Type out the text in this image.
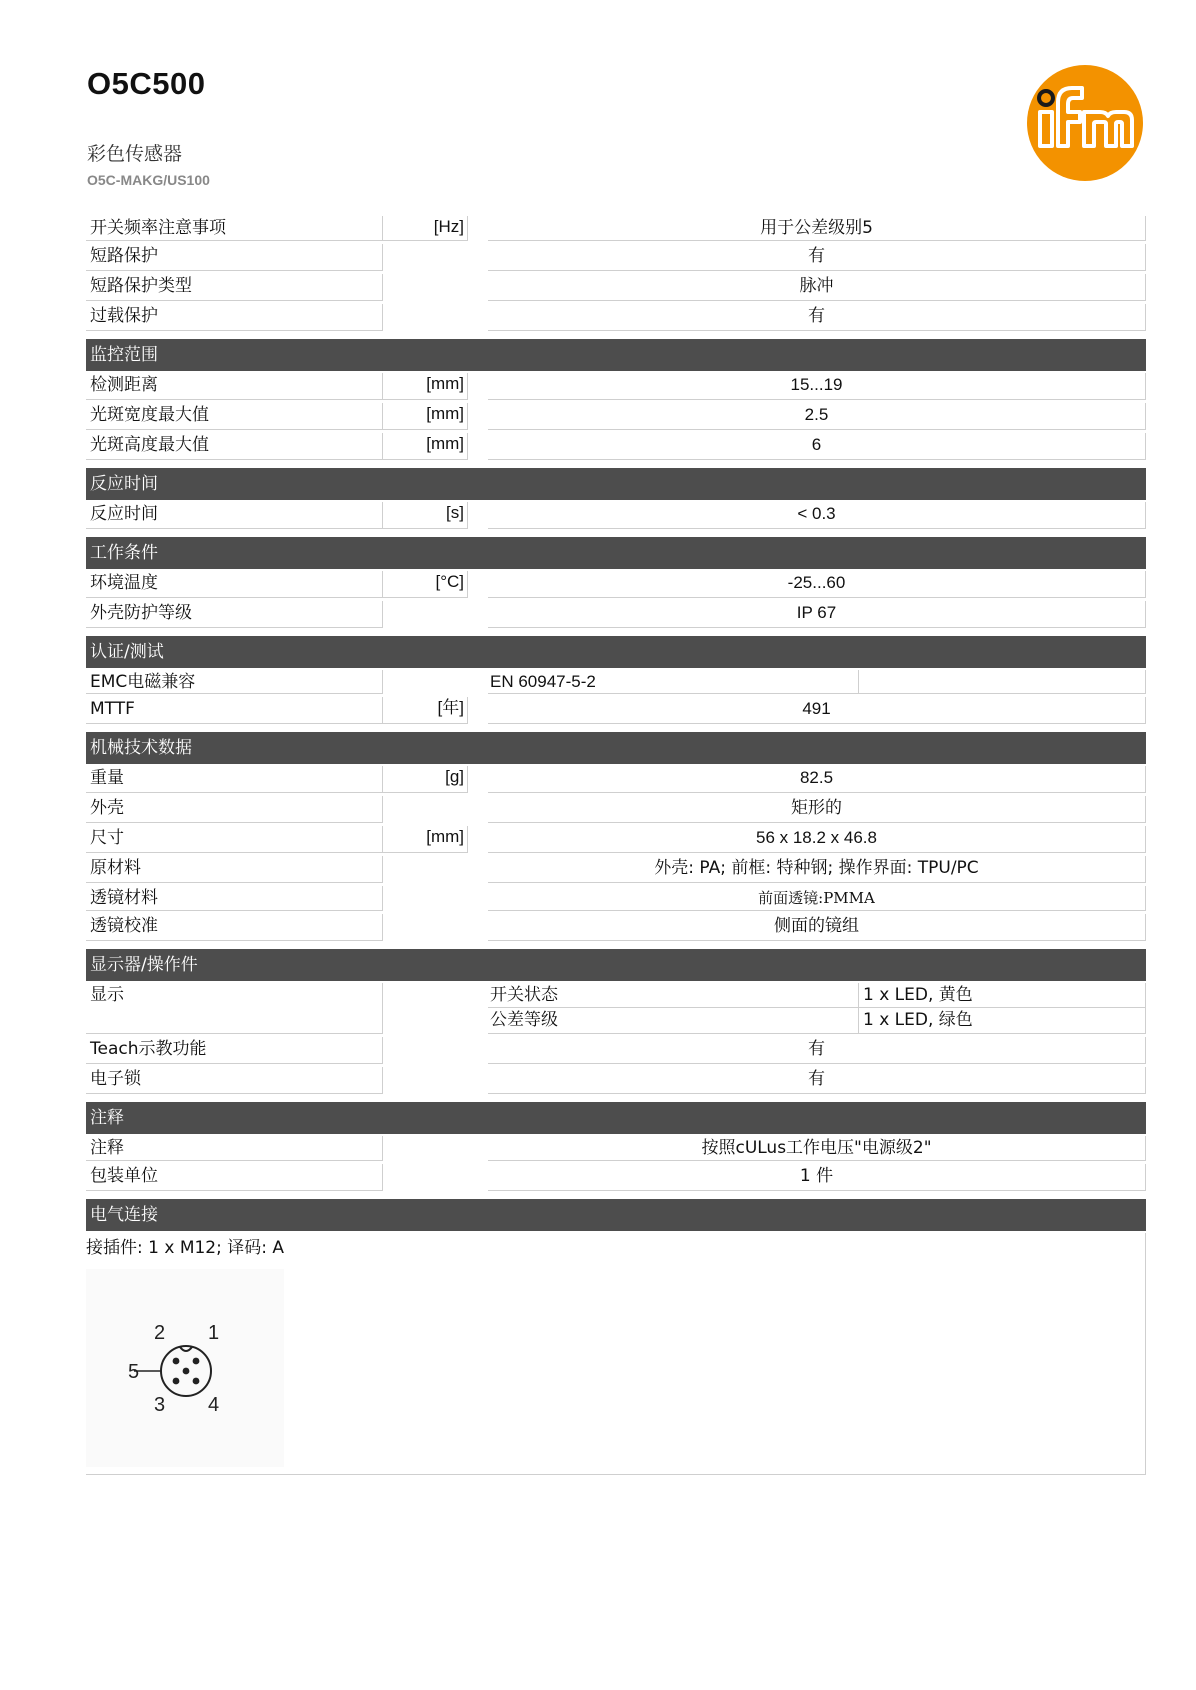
O5C500
彩色传感器
O5C-MAKG/US100	ifm
开关频率注意事项	[Hz]	用于公差级别5
短路保护	有
短路保护类型	脉冲
过载保护	有
监控范围
检测距离	[mm]	15...19
光斑宽度最大值	[mm]	2.5
光斑高度最大值	[mm]	6
反应时间
反应时间	[s]	< 0.3
工作条件
环境温度	[°C]	-25...60
外壳防护等级	IP 67
认证/测试
EMC电磁兼容	EN 60947-5-2
MTTF	[年]	491
机械技术数据
重量	[g]	82.5
外壳	矩形的
尺寸	[mm]	56 x 18.2 x 46.8
原材料	外壳: PA; 前框: 特种钢; 操作界面: TPU/PC
透镜材料	前面透镜:PMMA
透镜校准	侧面的镜组
显示器/操作件
显示	开关状态	1 x LED, 黄色
公差等级	1 x LED, 绿色
Teach示教功能	有
电子锁	有
注释
注释	按照cULus工作电压"电源级2"
包装单位	1 件
电气连接
接插件: 1 x M12; 译码: A
1
2
3 4
5
